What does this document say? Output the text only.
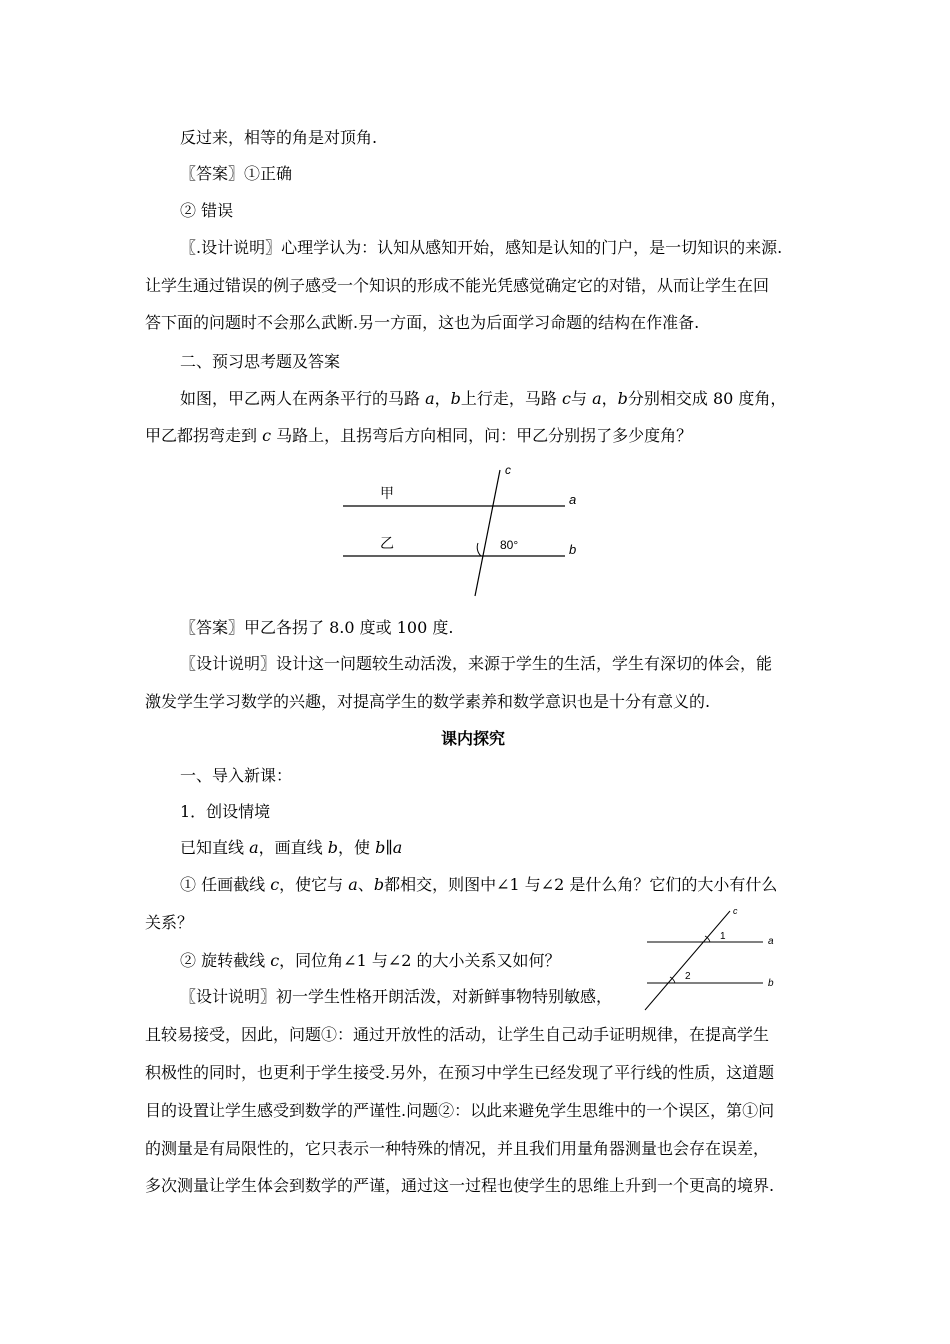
反过来，相等的角是对顶角.
〖答案〗①正确
② 错误
〖.设计说明〗心理学认为：认知从感知开始，感知是认知的门户，是一切知识的来源.
让学生通过错误的例子感受一个知识的形成不能光凭感觉确定它的对错，从而让学生在回
答下面的问题时不会那么武断.另一方面，这也为后面学习命题的结构在作准备.
二、预习思考题及答案
如图，甲乙两人在两条平行的马路 a，b上行走，马路 c与 a，b分别相交成 80 度角，
甲乙都拐弯走到 c 马路上，且拐弯后方向相同，问：甲乙分别拐了多少度角？
c
a
b
甲
乙	80°
〖答案〗甲乙各拐了 8.0 度或 100 度.
〖设计说明〗设计这一问题较生动活泼，来源于学生的生活，学生有深切的体会，能
激发学生学习数学的兴趣，对提高学生的数学素养和数学意识也是十分有意义的.
课内探究
一、导入新课：
1．创设情境
已知直线 a，画直线 b，使 b∥a
① 任画截线 c，使它与 a、b都相交，则图中∠1 与∠2 是什么角？它们的大小有什么
关系？
② 旋转截线 c，同位角∠1 与∠2 的大小关系又如何？
c
a
b
1
2
〖设计说明〗初一学生性格开朗活泼，对新鲜事物特别敏感，
且较易接受，因此，问题①：通过开放性的活动，让学生自己动手证明规律，在提高学生
积极性的同时，也更利于学生接受.另外，在预习中学生已经发现了平行线的性质，这道题
目的设置让学生感受到数学的严谨性.问题②：以此来避免学生思维中的一个误区，第①问
的测量是有局限性的，它只表示一种特殊的情况，并且我们用量角器测量也会存在误差，
多次测量让学生体会到数学的严谨，通过这一过程也使学生的思维上升到一个更高的境界.
